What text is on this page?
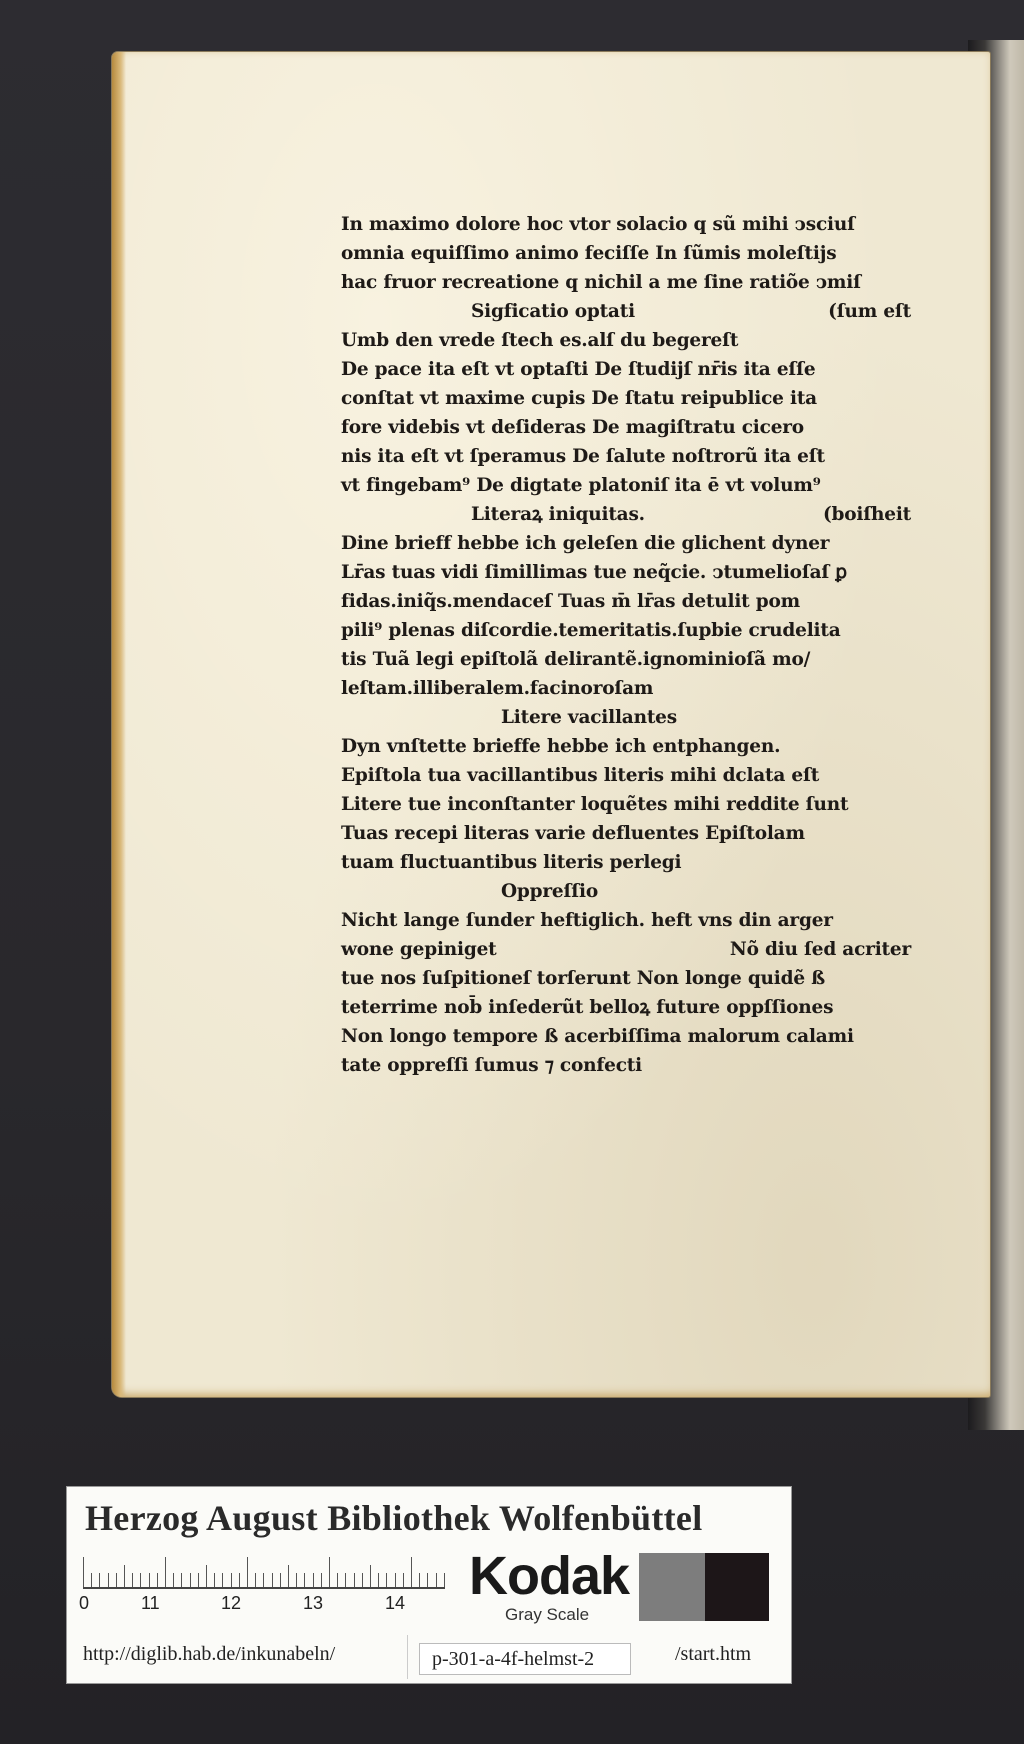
In maximo dolore hoc vtor solacio q sũ mihi ↄsciuſ
omnia equiſſimo animo feciſſe In ſũmis moleſtijs
hac fruor recreatione q nichil a me ſine ratiõe ↄmiſ
Sigficatio optati	(ſum eſt
Umb den vrede ſtech es.alſ du begereſt
De pace ita eſt vt optaſti De ſtudijſ nr̄is ita eſſe
conſtat vt maxime cupis De ſtatu reipublice ita
fore videbis vt deſideras De magiſtratu cicero
nis ita eſt vt ſperamus De ſalute noſtrorũ ita eſt
vt fingebam⁹ De digtate platoniſ ita ē vt volum⁹
Literaꝝ iniquitas.	(boiſheit
Dine brieff hebbe ich geleſen die glichent dyner
Lr̄as tuas vidi ſimillimas tue neq̃cie. ↄtumelioſaſ ꝑ
fidas.iniq̃s.mendaceſ Tuas m̄ lr̄as detulit pom
pili⁹ plenas diſcordie.temeritatis.ſupbie crudelita
tis Tuã legi epiſtolã delirantẽ.ignominioſã mo/
leſtam.illiberalem.facinoroſam
Litere vacillantes
Dyn vnſtette brieffe hebbe ich entphangen.
Epiſtola tua vacillantibus literis mihi dclata eſt
Litere tue inconſtanter loquẽtes mihi reddite ſunt
Tuas recepi literas varie defluentes Epiſtolam
tuam fluctuantibus literis perlegi
Oppreſſio
Nicht lange ſunder heftiglich. heft vns din arger
wone gepiniget	Nõ diu ſed acriter
tue nos ſuſpitioneſ torſerunt Non longe quidẽ ß
teterrime nob̄ inſederũt belloꝝ future oppſſiones
Non longo tempore ß acerbiſſima malorum calami
tate oppreſſi ſumus ⁊ confecti
Herzog August Bibliothek Wolfenbüttel
0	11	12	13	14 Kodak
Gray Scale
http://diglib.hab.de/inkunabeln/	p-301-a-4f-helmst-2	/start.htm
